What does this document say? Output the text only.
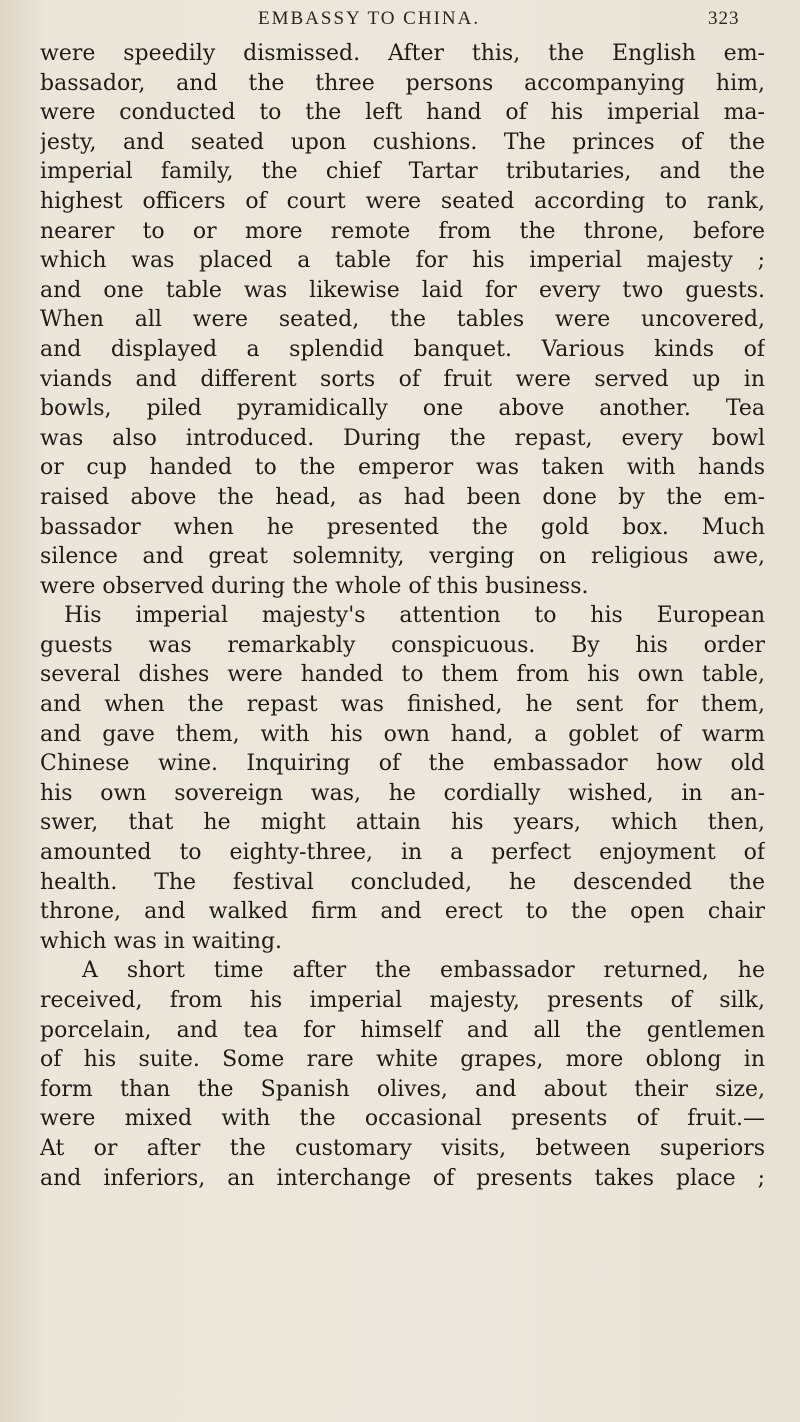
EMBASSY TO CHINA.	323
were speedily dismissed. After this, the English em-
bassador, and the three persons accompanying him,
were conducted to the left hand of his imperial ma-
jesty, and seated upon cushions. The princes of the
imperial family, the chief Tartar tributaries, and the
highest officers of court were seated according to rank,
nearer to or more remote from the throne, before
which was placed a table for his imperial majesty ;
and one table was likewise laid for every two guests.
When all were seated, the tables were uncovered,
and displayed a splendid banquet. Various kinds of
viands and different sorts of fruit were served up in
bowls, piled pyramidically one above another. Tea
was also introduced. During the repast, every bowl
or cup handed to the emperor was taken with hands
raised above the head, as had been done by the em-
bassador when he presented the gold box. Much
silence and great solemnity, verging on religious awe,
were observed during the whole of this business.
His imperial majesty's attention to his European
guests was remarkably conspicuous. By his order
several dishes were handed to them from his own table,
and when the repast was finished, he sent for them,
and gave them, with his own hand, a goblet of warm
Chinese wine. Inquiring of the embassador how old
his own sovereign was, he cordially wished, in an-
swer, that he might attain his years, which then,
amounted to eighty-three, in a perfect enjoyment of
health. The festival concluded, he descended the
throne, and walked firm and erect to the open chair
which was in waiting.
A short time after the embassador returned, he
received, from his imperial majesty, presents of silk,
porcelain, and tea for himself and all the gentlemen
of his suite. Some rare white grapes, more oblong in
form than the Spanish olives, and about their size,
were mixed with the occasional presents of fruit.—
At or after the customary visits, between superiors
and inferiors, an interchange of presents takes place ;
